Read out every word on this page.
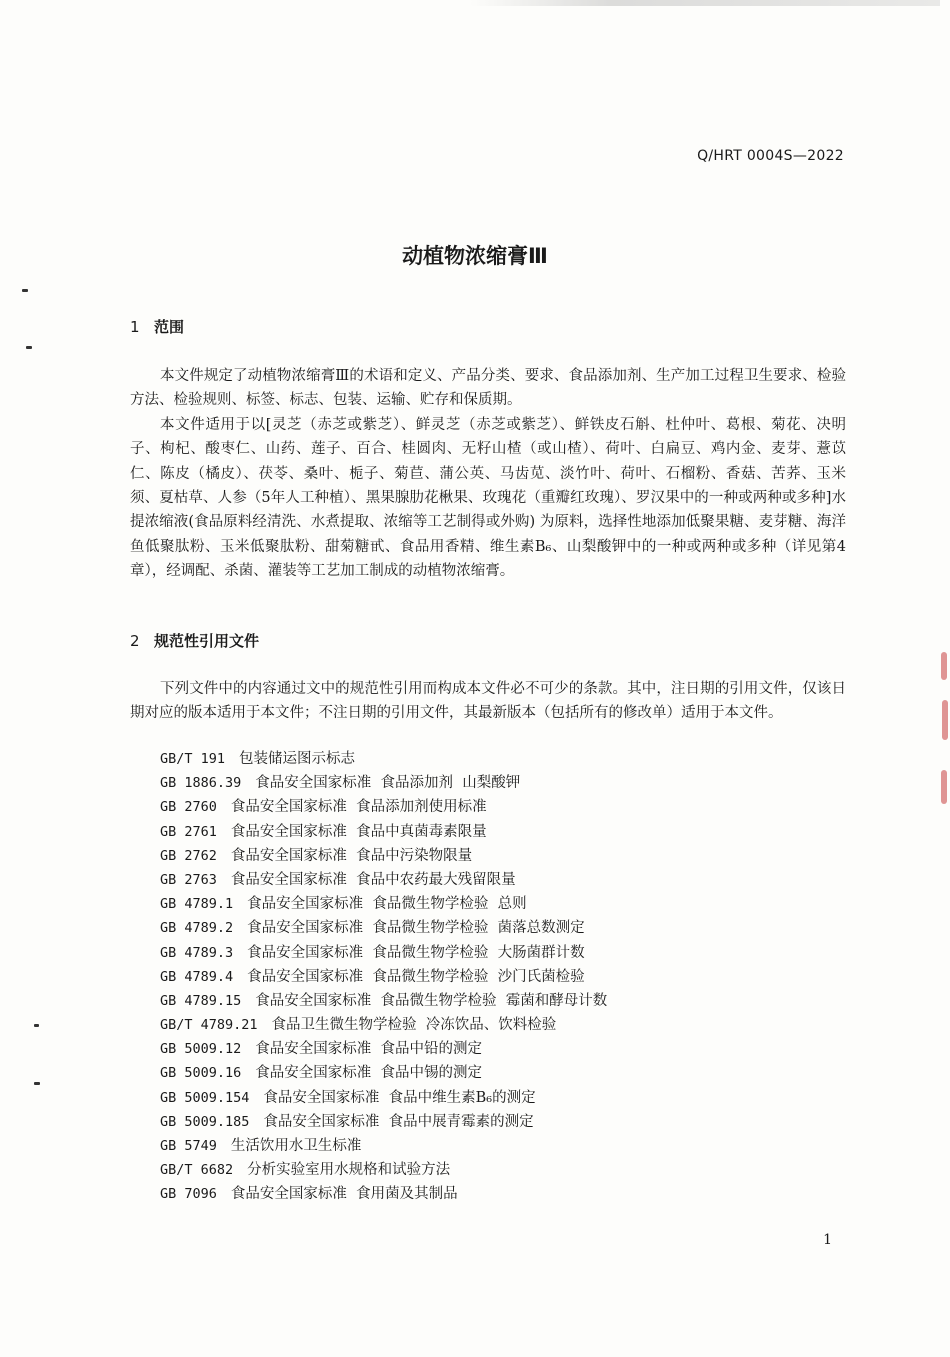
Q/HRT 0004S—2022
动植物浓缩膏Ⅲ
1 范围

本文件规定了动植物浓缩膏Ⅲ的术语和定义、产品分类、要求、食品添加剂、生产加工过程卫生要求、检验方法、检验规则、标签、标志、包装、运输、贮存和保质期。

本文件适用于以[灵芝（赤芝或紫芝）、鲜灵芝（赤芝或紫芝）、鲜铁皮石斛、杜仲叶、葛根、菊花、决明子、枸杞、酸枣仁、山药、莲子、百合、桂圆肉、无籽山楂（或山楂）、荷叶、白扁豆、鸡内金、麦芽、薏苡仁、陈皮（橘皮）、茯苓、桑叶、栀子、菊苣、蒲公英、马齿苋、淡竹叶、荷叶、石榴粉、香菇、苦荞、玉米须、夏枯草、人参（5年人工种植）、黑果腺肋花楸果、玫瑰花（重瓣红玫瑰）、罗汉果中的一种或两种或多种]水提浓缩液(食品原料经清洗、水煮提取、浓缩等工艺制得或外购) 为原料，选择性地添加低聚果糖、麦芽糖、海洋鱼低聚肽粉、玉米低聚肽粉、甜菊糖甙、食品用香精、维生素B₆、山梨酸钾中的一种或两种或多种（详见第4章），经调配、杀菌、灌装等工艺加工制成的动植物浓缩膏。

2 规范性引用文件

下列文件中的内容通过文中的规范性引用而构成本文件必不可少的条款。其中，注日期的引用文件，仅该日期对应的版本适用于本文件；不注日期的引用文件，其最新版本（包括所有的修改单）适用于本文件。

GB/T 191 包装储运图示标志
GB 1886.39 食品安全国家标准  食品添加剂  山梨酸钾
GB 2760 食品安全国家标准  食品添加剂使用标准
GB 2761 食品安全国家标准  食品中真菌毒素限量
GB 2762 食品安全国家标准  食品中污染物限量
GB 2763 食品安全国家标准  食品中农药最大残留限量
GB 4789.1 食品安全国家标准  食品微生物学检验  总则
GB 4789.2 食品安全国家标准  食品微生物学检验  菌落总数测定
GB 4789.3 食品安全国家标准  食品微生物学检验  大肠菌群计数
GB 4789.4 食品安全国家标准  食品微生物学检验  沙门氏菌检验
GB 4789.15 食品安全国家标准  食品微生物学检验  霉菌和酵母计数
GB/T 4789.21 食品卫生微生物学检验  冷冻饮品、饮料检验
GB 5009.12 食品安全国家标准  食品中铅的测定
GB 5009.16 食品安全国家标准  食品中锡的测定
GB 5009.154 食品安全国家标准  食品中维生素B₆的测定
GB 5009.185 食品安全国家标准  食品中展青霉素的测定
GB 5749 生活饮用水卫生标准
GB/T 6682 分析实验室用水规格和试验方法
GB 7096 食品安全国家标准  食用菌及其制品
1
